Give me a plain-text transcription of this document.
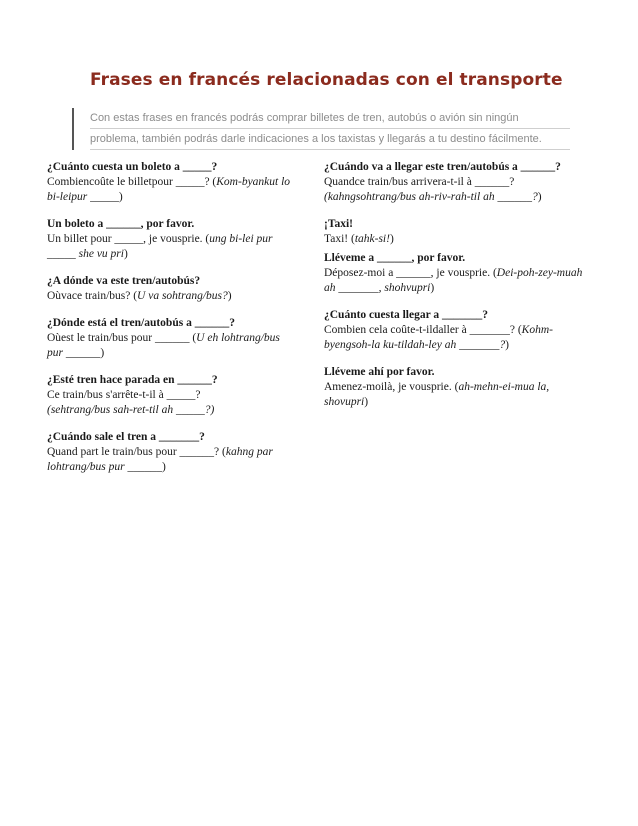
Frases en francés relacionadas con el transporte
Con estas frases en francés podrás comprar billetes de tren, autobús o avión sin ningún
problema, también podrás darle indicaciones a los taxistas y llegarás a tu destino fácilmente.
¿Cuánto cuesta un boleto a _____?
Combiencoûte le billetpour _____? (Kom-byankut lo bi-leipur _____)
Un boleto a ______, por favor.
Un billet pour _____, je vousprie. (ung bi-lei pur _____ she vu pri)
¿A dónde va este tren/autobús?
Oùvace train/bus? (U va sohtrang/bus?)
¿Dónde está el tren/autobús a ______?
Oùest le train/bus pour ______ (U eh lohtrang/bus pur ______)
¿Esté tren hace parada en ______?
Ce train/bus s'arrête-t-il à _____?
(sehtrang/bus sah-ret-til ah _____?)
¿Cuándo sale el tren a _______?
Quand part le train/bus pour ______? (kahng par lohtrang/bus pur ______)
¿Cuándo va a llegar este tren/autobús a ______?
Quandce train/bus arrivera-t-il à ______?
(kahngsohtrang/bus ah-riv-rah-til ah ______?)
¡Taxi!
Taxi! (tahk-si!)
Lléveme a ______, por favor.
Déposez-moi a ______, je vousprie. (Dei-poh-zey-muah ah _______, shohvupri)
¿Cuánto cuesta llegar a _______?
Combien cela coûte-t-ildaller à _______? (Kohm-byengsoh-la ku-tildah-ley ah _______?)
Lléveme ahí por favor.
Amenez-moilà, je vousprie. (ah-mehn-ei-mua la, shovupri)
